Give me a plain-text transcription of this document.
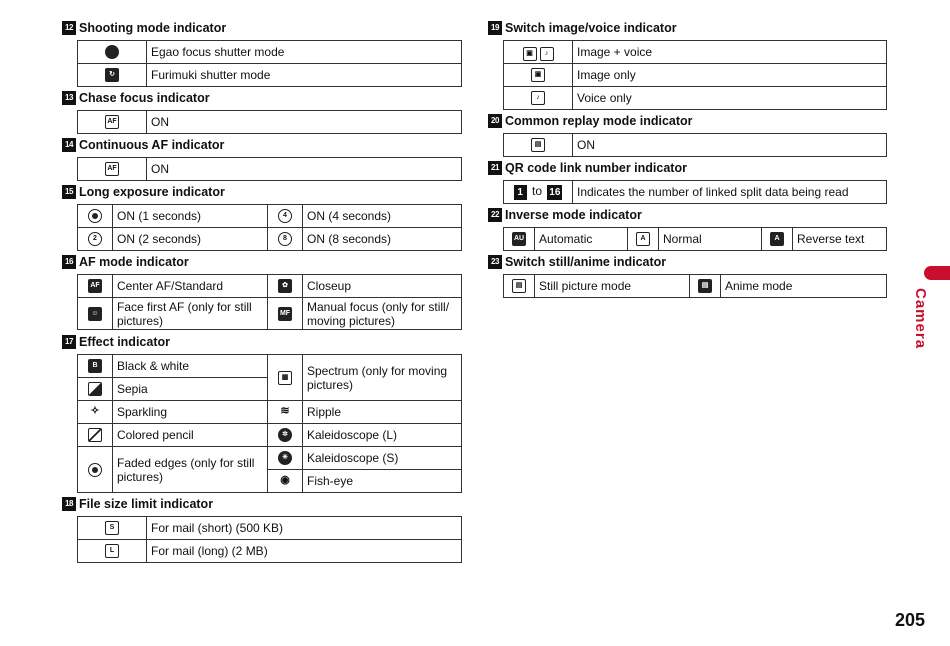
12 Shooting mode indicator
	Egao focus shutter mode
↻	Furimuki shutter mode
13 Chase focus indicator
AF	ON
14 Continuous AF indicator
AF	ON
15 Long exposure indicator
	ON (1 seconds)	4	ON (4 seconds)
2	ON (2 seconds)	8	ON (8 seconds)
16 AF mode indicator
AF	Center AF/Standard	✿	Closeup
☺	Face first AF (only for still pictures)	MF	Manual focus (only for still/ moving pictures)
17 Effect indicator
B	Black & white	▦	Spectrum (only for moving pictures)
	Sepia		
✧	Sparkling	≋	Ripple
	Colored pencil	✲	Kaleidoscope (L)
	Faded edges (only for still pictures)	✳	Kaleidoscope (S)
		◉	Fish-eye
18 File size limit indicator
S	For mail (short) (500 KB)
L	For mail (long) (2 MB)
19 Switch image/voice indicator
▣ ♪	Image + voice
▣	Image only
♪	Voice only
20 Common replay mode indicator
▤	ON
21 QR code link number indicator
1 to 16	Indicates the number of linked split data being read
22 Inverse mode indicator
AU	Automatic	A	Normal	A	Reverse text
23 Switch still/anime indicator
▤	Still picture mode	▤	Anime mode
Camera
205
